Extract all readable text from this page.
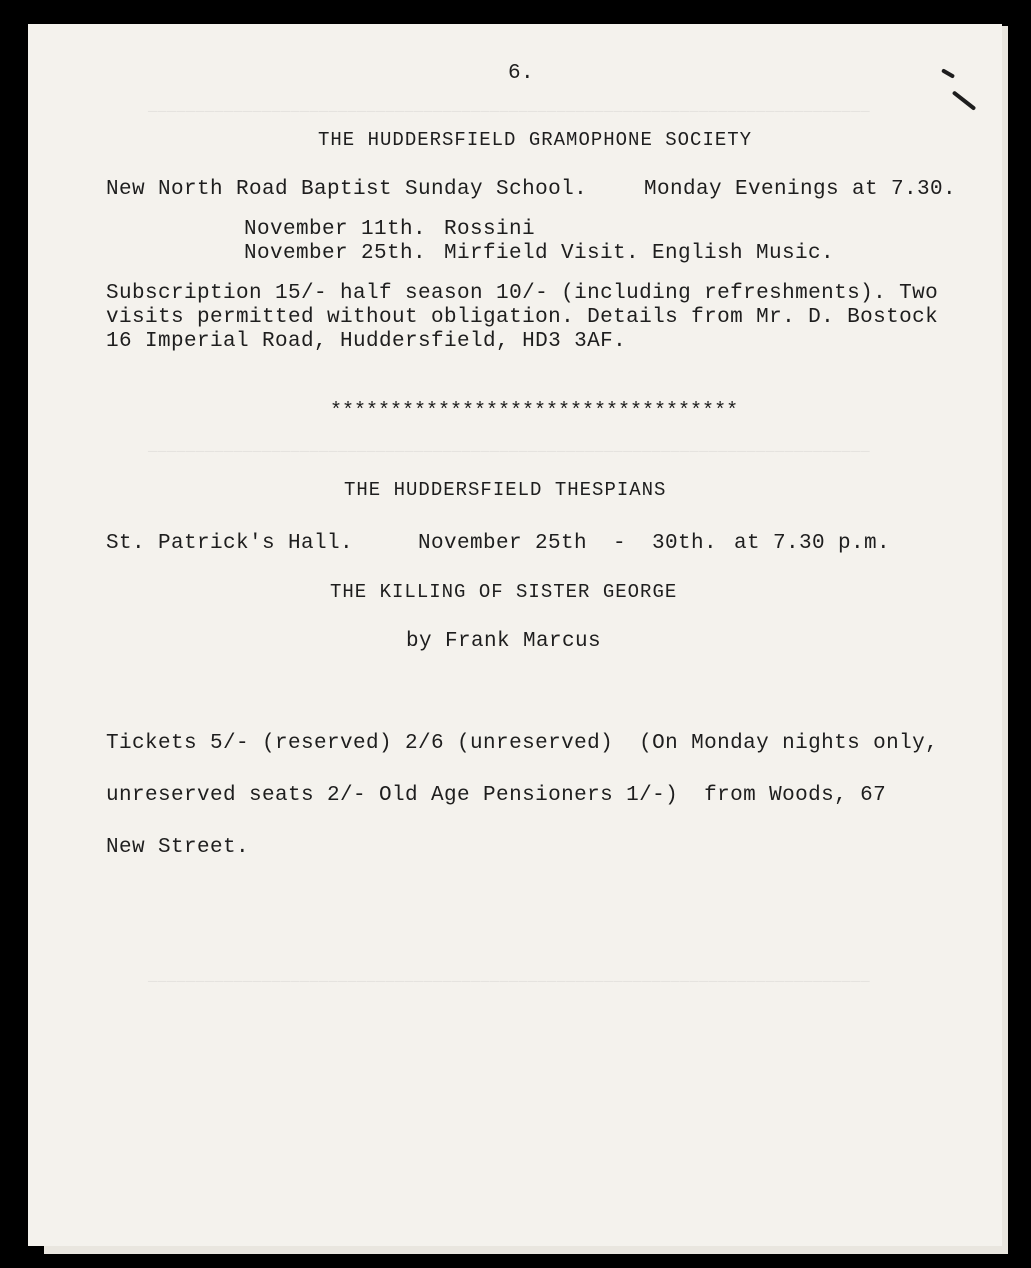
────────────────────────────────────────────────────────────────────────────
────────────────────────────────────────────────────────────────────────────
────────────────────────────────────────────────────────────────────────────
6.
THE HUDDERSFIELD GRAMOPHONE SOCIETY
New North Road Baptist Sunday School.	Monday Evenings at 7.30.
November 11th. Rossini
November 25th. Mirfield Visit. English Music.
Subscription 15/- half season 10/- (including refreshments). Two
visits permitted without obligation. Details from Mr. D. Bostock
16 Imperial Road, Huddersfield, HD3 3AF.
**********************************
THE HUDDERSFIELD THESPIANS
St. Patrick's Hall.	November 25th  -  30th. at 7.30 p.m.
THE KILLING OF SISTER GEORGE
by Frank Marcus
Tickets 5/- (reserved) 2/6 (unreserved)  (On Monday nights only,
unreserved seats 2/- Old Age Pensioners 1/-)  from Woods, 67
New Street.
